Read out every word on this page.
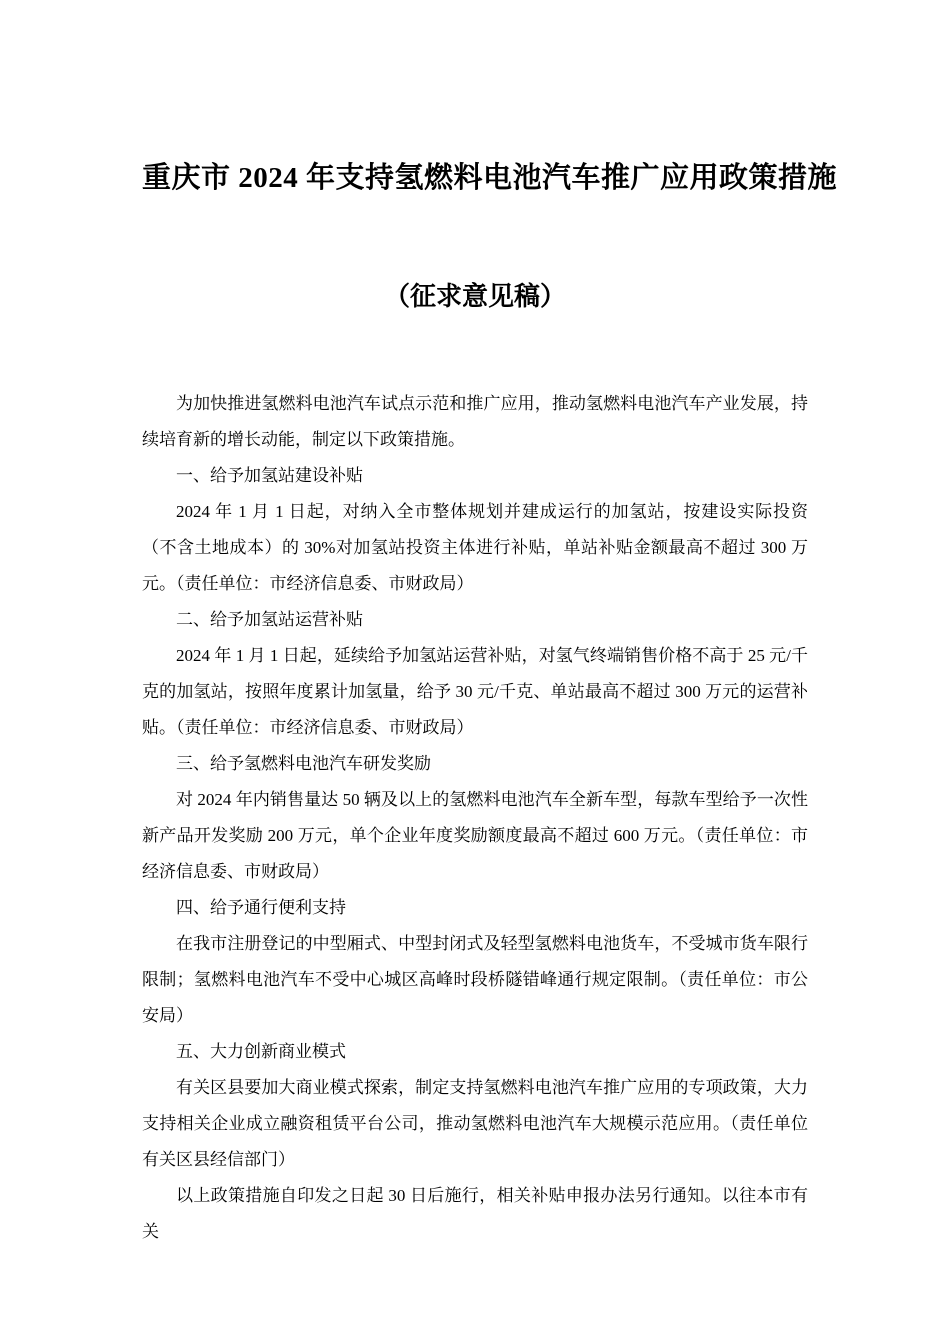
重庆市 2024 年支持氢燃料电池汽车推广应用政策措施
（征求意见稿）

为加快推进氢燃料电池汽车试点示范和推广应用，推动氢燃料电池汽车产业发展，持续培育新的增长动能，制定以下政策措施。

一、给予加氢站建设补贴

2024 年 1 月 1 日起，对纳入全市整体规划并建成运行的加氢站，按建设实际投资（不含土地成本）的 30%对加氢站投资主体进行补贴，单站补贴金额最高不超过 300 万元。（责任单位：市经济信息委、市财政局）

二、给予加氢站运营补贴

2024 年 1 月 1 日起，延续给予加氢站运营补贴，对氢气终端销售价格不高于 25 元/千克的加氢站，按照年度累计加氢量，给予 30 元/千克、单站最高不超过 300 万元的运营补贴。（责任单位：市经济信息委、市财政局）

三、给予氢燃料电池汽车研发奖励

对 2024 年内销售量达 50 辆及以上的氢燃料电池汽车全新车型，每款车型给予一次性新产品开发奖励 200 万元，单个企业年度奖励额度最高不超过 600 万元。（责任单位：市经济信息委、市财政局）

四、给予通行便利支持

在我市注册登记的中型厢式、中型封闭式及轻型氢燃料电池货车，不受城市货车限行限制；氢燃料电池汽车不受中心城区高峰时段桥隧错峰通行规定限制。（责任单位：市公安局）

五、大力创新商业模式

有关区县要加大商业模式探索，制定支持氢燃料电池汽车推广应用的专项政策，大力支持相关企业成立融资租赁平台公司，推动氢燃料电池汽车大规模示范应用。（责任单位有关区县经信部门）

以上政策措施自印发之日起 30 日后施行，相关补贴申报办法另行通知。以往本市有关
